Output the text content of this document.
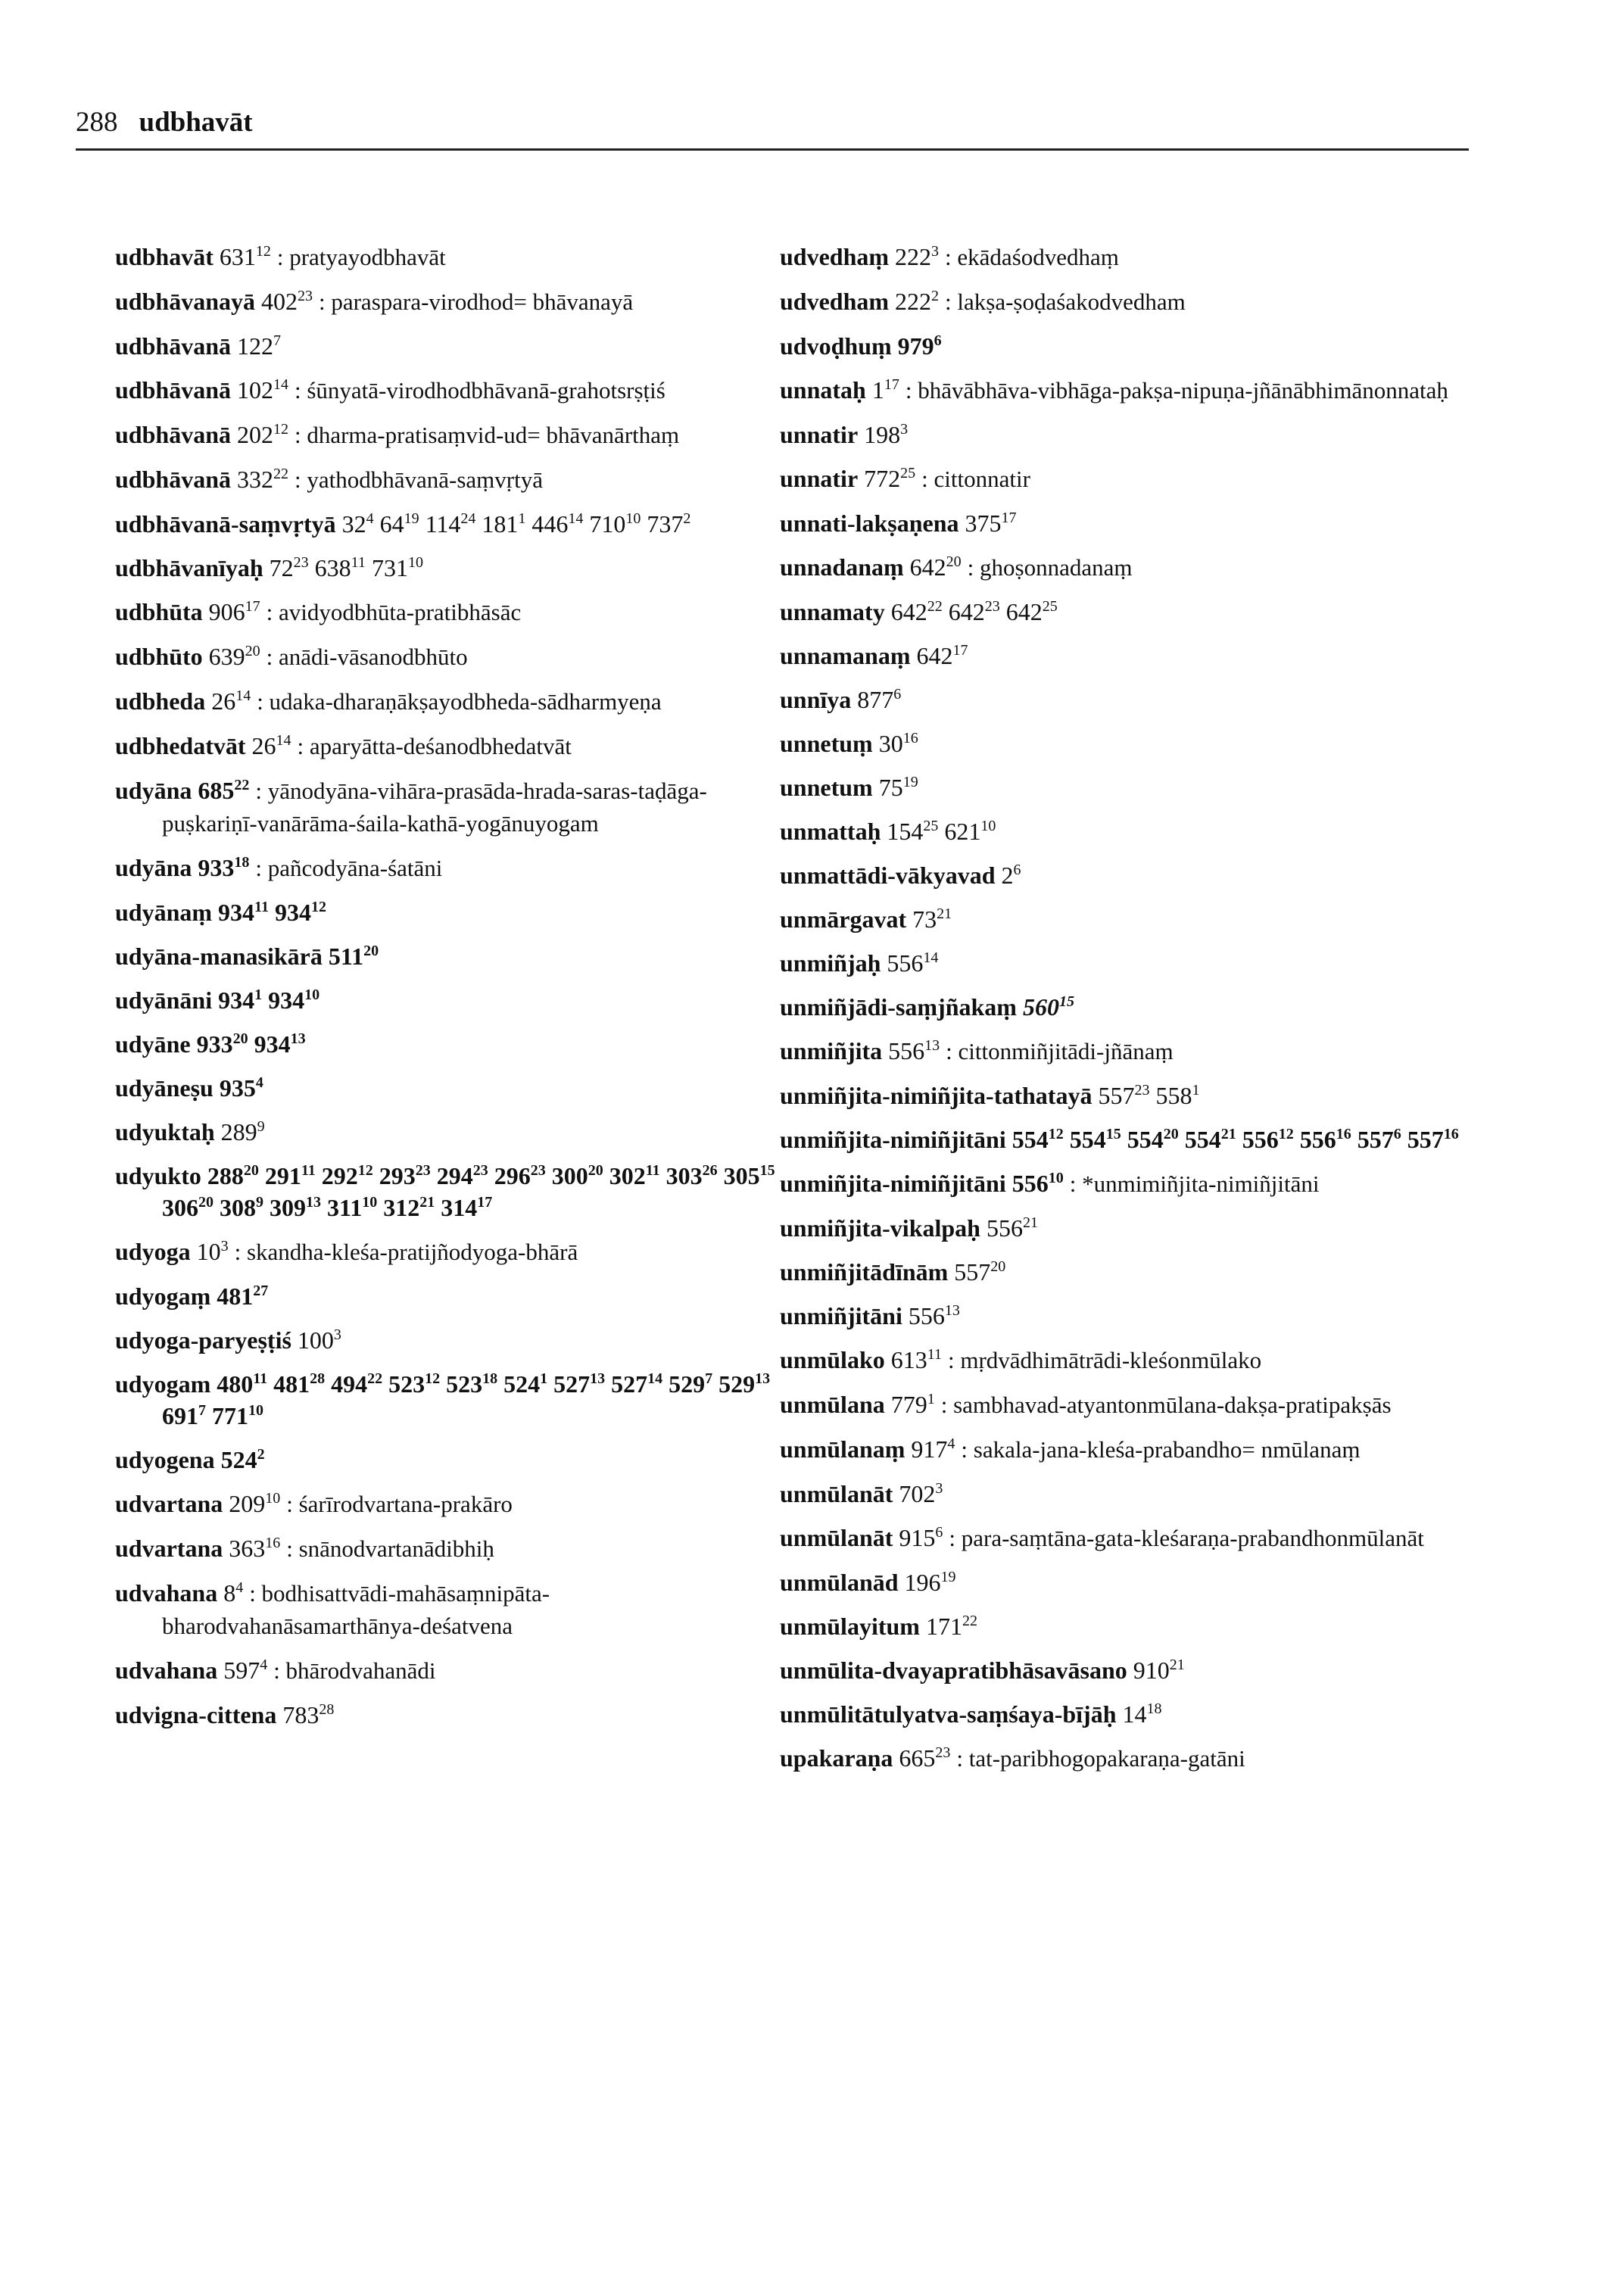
288 udbhavāt
udbhavāt $631^{12}$ : pratyayodbhavāt
udbhāvanayā $402^{23}$ : paraspara-virodhod= bhāvanayā
udbhāvanā $122^7$
udbhāvanā $102^{14}$ : śūnyatā-virodhodbhāvanā-grahotsrṣṭiś
udbhāvanā $202^{12}$ : dharma-pratisaṃvid-ud= bhāvanārthaṃ
udbhāvanā $332^{22}$ : yathodbhāvanā-saṃvṛtyā
udbhāvanā-saṃvṛtyā $32^4$ $64^{19}$ $114^{24}$ $181^1$ $446^{14}$ $710^{10}$ $737^2$
udbhāvanīyaḥ $72^{23}$ $638^{11}$ $731^{10}$
udbhūta $906^{17}$ : avidyodbhūta-pratibhāsāc
udbhūto $639^{20}$ : anādi-vāsanodbhūto
udbheda $26^{14}$ : udaka-dharaṇākṣayodbheda-sādharmyeṇa
udbhedatvāt $26^{14}$ : aparyātta-deśanodbhedatvāt
udyāna $685^{22}$ : yānodyāna-vihāra-prasāda-hrada-saras-taḍāga-puṣkariṇī-vanārāma-śaila-kathā-yogānuyogam
udyāna $933^{18}$ : pañcodyāna-śatāni
udyānaṃ $934^{11}$ $934^{12}$
udyāna-manasikārā $511^{20}$
udyānāni $934^1$ $934^{10}$
udyāne $933^{20}$ $934^{13}$
udyāneṣu $935^4$
udyuktaḥ $289^9$
udyukto $288^{20}$ $291^{11}$ $292^{12}$ $293^{23}$ $294^{23}$ $296^{23}$ $300^{20}$ $302^{11}$ $303^{26}$ $305^{15}$ $306^{20}$ $308^9$ $309^{13}$ $311^{10}$ $312^{21}$ $314^{17}$
udyoga $10^3$ : skandha-kleśa-pratijñodyoga-bhārā
udyogaṃ $481^{27}$
udyoga-paryeṣṭiś $100^3$
udyogam $480^{11}$ $481^{28}$ $494^{22}$ $523^{12}$ $523^{18}$ $524^1$ $527^{13}$ $527^{14}$ $529^7$ $529^{13}$ $691^7$ $771^{10}$
udyogena $524^2$
udvartana $209^{10}$ : śarīrodvartana-prakāro
udvartana $363^{16}$ : snānodvartanādibhiḥ
udvahana $8^4$ : bodhisattvādi-mahāsaṃnipāta-bharodvahanāsamarthānya-deśatvena
udvahana $597^4$ : bhārodvahanādi
udvigna-cittena $783^{28}$
udvedhaṃ $222^3$ : ekādaśodvedhaṃ
udvedham $222^2$ : lakṣa-ṣoḍaśakodvedham
udvoḍhuṃ $979^6$
unnataḥ $1^{17}$ : bhāvābhāva-vibhāga-pakṣa-nipuṇa-jñānābhimānonnataḥ
unnatir $198^3$
unnatir $772^{25}$ : cittonnatir
unnati-lakṣaṇena $375^{17}$
unnadanaṃ $642^{20}$ : ghoṣonnadanaṃ
unnamaty $642^{22}$ $642^{23}$ $642^{25}$
unnamanaṃ $642^{17}$
unnīya $877^6$
unnetuṃ $30^{16}$
unnetum $75^{19}$
unmattaḥ $154^{25}$ $621^{10}$
unmattādi-vākyavad $2^6$
unmārgavat $73^{21}$
unmiñjaḥ $556^{14}$
unmiñjādi-saṃjñakaṃ $560^{15}$
unmiñjita $556^{13}$ : cittonmiñjitādi-jñānaṃ
unmiñjita-nimiñjita-tathatayā $557^{23}$ $558^1$
unmiñjita-nimiñjitāni $554^{12}$ $554^{15}$ $554^{20}$ $554^{21}$ $556^{12}$ $556^{16}$ $557^6$ $557^{16}$
unmiñjita-nimiñjitāni $556^{10}$ : *unmimiñjita-nimiñjitāni
unmiñjita-vikalpaḥ $556^{21}$
unmiñjitādīnām $557^{20}$
unmiñjitāni $556^{13}$
unmūlako $613^{11}$ : mṛdvādhimātrādi-kleśonmūlako
unmūlana $779^1$ : sambhavad-atyantonmūlana-dakṣa-pratipakṣās
unmūlanaṃ $917^4$ : sakala-jana-kleśa-prabandho= nmūlanaṃ
unmūlanāt $702^3$
unmūlanāt $915^6$ : para-saṃtāna-gata-kleśaraṇa-prabandhonmūlanāt
unmūlanād $196^{19}$
unmūlayitum $171^{22}$
unmūlita-dvayapratibhāsavāsano $910^{21}$
unmūlitātulyatva-saṃśaya-bījāḥ $14^{18}$
upakaraṇa $665^{23}$ : tat-paribhogopakaraṇa-gatāni
